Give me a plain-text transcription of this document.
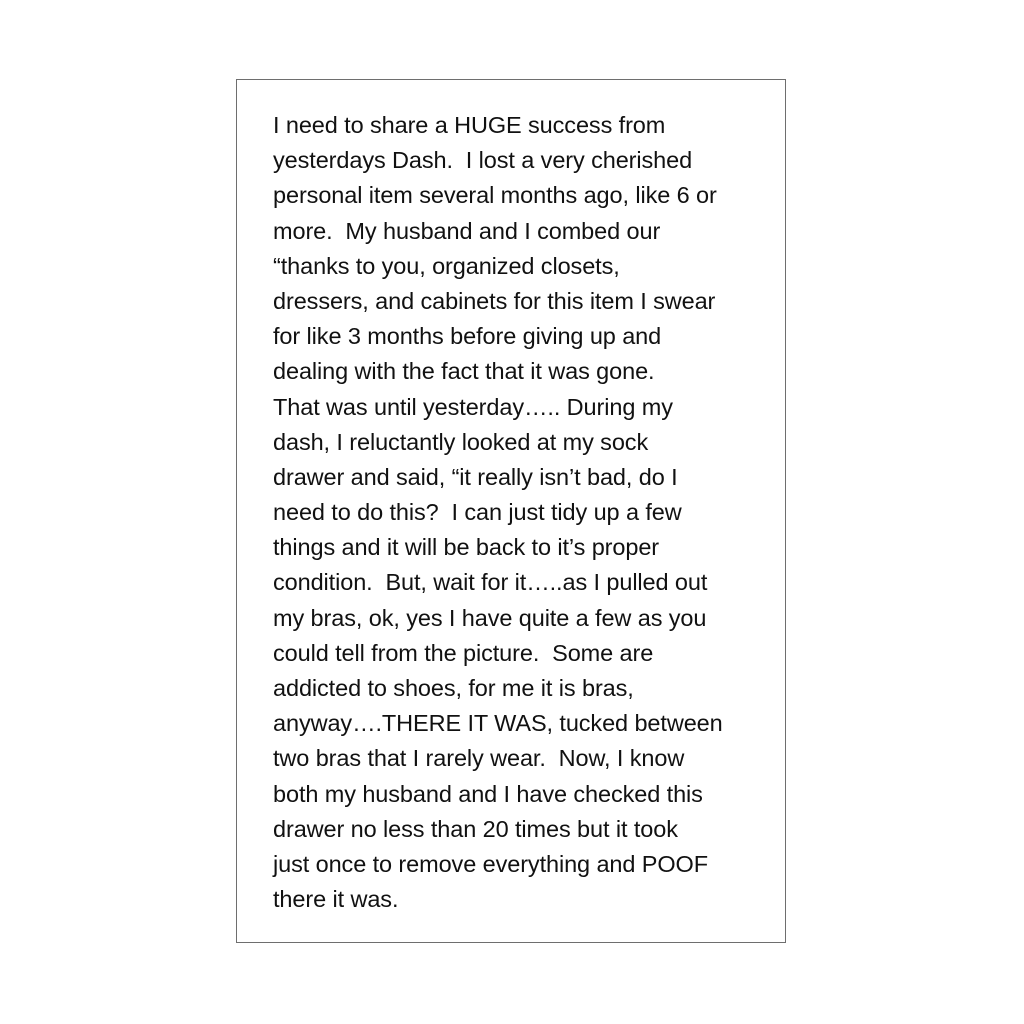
I need to share a HUGE success from
yesterdays Dash.  I lost a very cherished
personal item several months ago, like 6 or
more.  My husband and I combed our
“thanks to you, organized closets,
dressers, and cabinets for this item I swear
for like 3 months before giving up and
dealing with the fact that it was gone.
That was until yesterday….. During my
dash, I reluctantly looked at my sock
drawer and said, “it really isn’t bad, do I
need to do this?  I can just tidy up a few
things and it will be back to it’s proper
condition.  But, wait for it…..as I pulled out
my bras, ok, yes I have quite a few as you
could tell from the picture.  Some are
addicted to shoes, for me it is bras,
anyway….THERE IT WAS, tucked between
two bras that I rarely wear.  Now, I know
both my husband and I have checked this
drawer no less than 20 times but it took
just once to remove everything and POOF
there it was.
